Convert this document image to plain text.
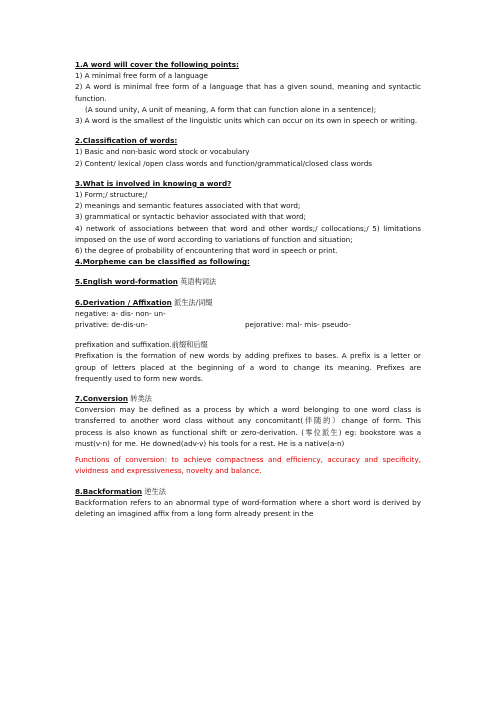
1.A word will cover the following points:

1) A minimal free form of a language

2) A word is minimal free form of a language that has a given sound, meaning and syntactic function.

(A sound unity, A unit of meaning, A form that can function alone in a sentence);

3) A word is the smallest of the linguistic units which can occur on its own in speech or writing.

2.Classification of words:

1) Basic and non-basic word stock or vocabulary

2) Content/ lexical /open class words and function/grammatical/closed class words

3.What is involved in knowing a word?

1) Form;/ structure;/

2) meanings and semantic features associated with that word;

3) grammatical or syntactic behavior associated with that word;

4) network of associations between that word and other words;/ collocations;/ 5) limitations imposed on the use of word according to variations of function and situation;

6) the degree of probability of encountering that word in speech or print.

4.Morpheme can be classified as following:

5.English word-formation 英语构词法

6.Derivation / Affixation 派生法/词缀

negative: a- dis- non- un-

privative: de-dis-un-	pejorative: mal- mis- pseudo-

prefixation and suffixation.前缀和后缀

Prefixation is the formation of new words by adding prefixes to bases. A prefix is a letter or group of letters placed at the beginning of a word to change its meaning. Prefixes are frequently used to form new words.

7.Conversion 转类法

Conversion may be defined as a process by which a word belonging to one word class is transferred to another word class without any concomitant(伴随的）change of form. This process is also known as functional shift or zero-derivation. (零位派生) eg: bookstore was a must(v-n) for me. He downed(adv-v) his tools for a rest. He is a native(a-n)

Functions of conversion: to achieve compactness and efficiency, accuracy and specificity, vividness and expressiveness, novelty and balance.

8.Backformation 逆生法

Backformation refers to an abnormal type of word-formation where a short word is derived by deleting an imagined affix from a long form already present in the
